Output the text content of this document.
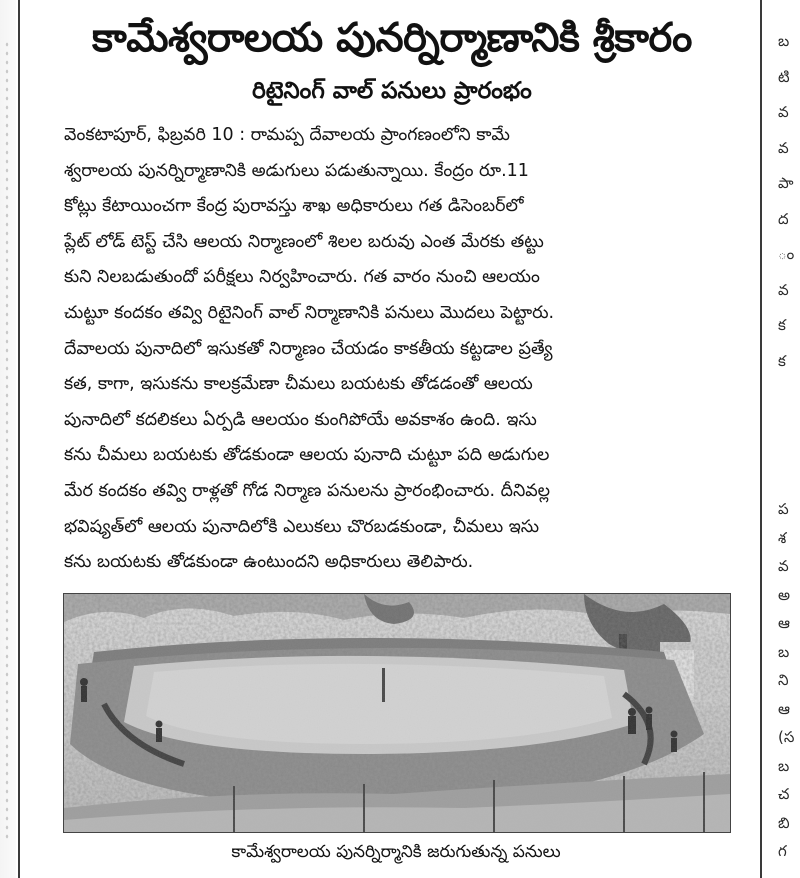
కామేశ్వరాలయ పునర్నిర్మాణానికి శ్రీకారం
రిటైనింగ్‌ వాల్‌ పనులు ప్రారంభం
వెంకటాపూర్, ఫిబ్రవరి 10 : రామప్ప దేవాలయ ప్రాంగణంలోని కామే
శ్వరాలయ పునర్నిర్మాణానికి అడుగులు పడుతున్నాయి. కేంద్రం రూ.11
కోట్లు కేటాయించగా కేంద్ర పురావస్తు శాఖ అధికారులు గత డిసెంబర్‌లో
ప్లేట్‌ లోడ్‌ టెస్ట్‌ చేసి ఆలయ నిర్మాణంలో శిలల బరువు ఎంత మేరకు తట్టు
కుని నిలబడుతుందో పరీక్షలు నిర్వహించారు. గత వారం నుంచి ఆలయం
చుట్టూ కందకం తవ్వి రిటైనింగ్‌ వాల్‌ నిర్మాణానికి పనులు మొదలు పెట్టారు.
దేవాలయ పునాదిలో ఇసుకతో నిర్మాణం చేయడం కాకతీయ కట్టడాల ప్రత్యే
కత, కాగా, ఇసుకను కాలక్రమేణా చీమలు బయటకు తోడడంతో ఆలయ
పునాదిలో కదలికలు ఏర్పడి ఆలయం కుంగిపోయే అవకాశం ఉంది. ఇసు
కను చీమలు బయటకు తోడకుండా ఆలయ పునాది చుట్టూ పది అడుగుల
మేర కందకం తవ్వి రాళ్లతో గోడ నిర్మాణ పనులను ప్రారంభించారు. దీనివల్ల
భవిష్యత్‌లో ఆలయ పునాదిలోకి ఎలుకలు చొరబడకుండా, చీమలు ఇసు
కను బయటకు తోడకుండా ఉంటుందని అధికారులు తెలిపారు.
కామేశ్వరాలయ పునర్నిర్మానికి జరుగుతున్న పనులు
బ
టి
వ
వ
పా
ద
ం
వ
క
క
ప
శ
వ
అ
ఆ
బ
ని
ఆ
(స
బ
చ
బి
గ
